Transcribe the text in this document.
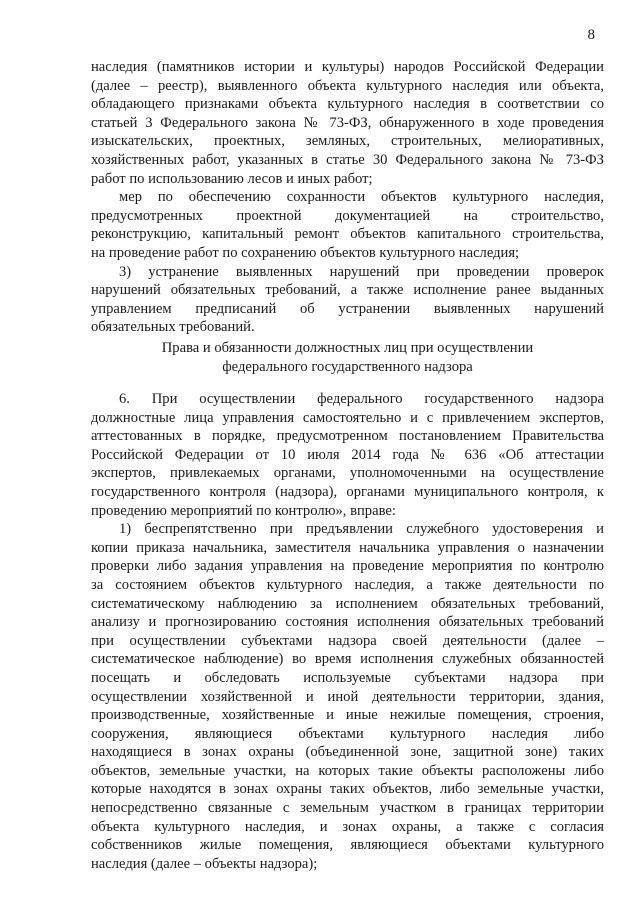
8
наследия (памятников истории и культуры) народов Российской Федерации
(далее – реестр), выявленного объекта культурного наследия или объекта,
обладающего признаками объекта культурного наследия в соответствии со
статьей 3 Федерального закона № 73-ФЗ, обнаруженного в ходе проведения
изыскательских, проектных, земляных, строительных, мелиоративных,
хозяйственных работ, указанных в статье 30 Федерального закона № 73-ФЗ
работ по использованию лесов и иных работ;
мер по обеспечению сохранности объектов культурного наследия,
предусмотренных проектной документацией на строительство,
реконструкцию, капитальный ремонт объектов капитального строительства,
на проведение работ по сохранению объектов культурного наследия;
3) устранение выявленных нарушений при проведении проверок
нарушений обязательных требований, а также исполнение ранее выданных
управлением предписаний об устранении выявленных нарушений
обязательных требований.
Права и обязанности должностных лиц при осуществлении
федерального государственного надзора
6. При осуществлении федерального государственного надзора
должностные лица управления самостоятельно и с привлечением экспертов,
аттестованных в порядке, предусмотренном постановлением Правительства
Российской Федерации от 10 июля 2014 года № 636 «Об аттестации
экспертов, привлекаемых органами, уполномоченными на осуществление
государственного контроля (надзора), органами муниципального контроля, к
проведению мероприятий по контролю», вправе:
1) беспрепятственно при предъявлении служебного удостоверения и
копии приказа начальника, заместителя начальника управления о назначении
проверки либо задания управления на проведение мероприятия по контролю
за состоянием объектов культурного наследия, а также деятельности по
систематическому наблюдению за исполнением обязательных требований,
анализу и прогнозированию состояния исполнения обязательных требований
при осуществлении субъектами надзора своей деятельности (далее –
систематическое наблюдение) во время исполнения служебных обязанностей
посещать и обследовать используемые субъектами надзора при
осуществлении хозяйственной и иной деятельности территории, здания,
производственные, хозяйственные и иные нежилые помещения, строения,
сооружения, являющиеся объектами культурного наследия либо
находящиеся в зонах охраны (объединенной зоне, защитной зоне) таких
объектов, земельные участки, на которых такие объекты расположены либо
которые находятся в зонах охраны таких объектов, либо земельные участки,
непосредственно связанные с земельным участком в границах территории
объекта культурного наследия, и зонах охраны, а также с согласия
собственников жилые помещения, являющиеся объектами культурного
наследия (далее – объекты надзора);
